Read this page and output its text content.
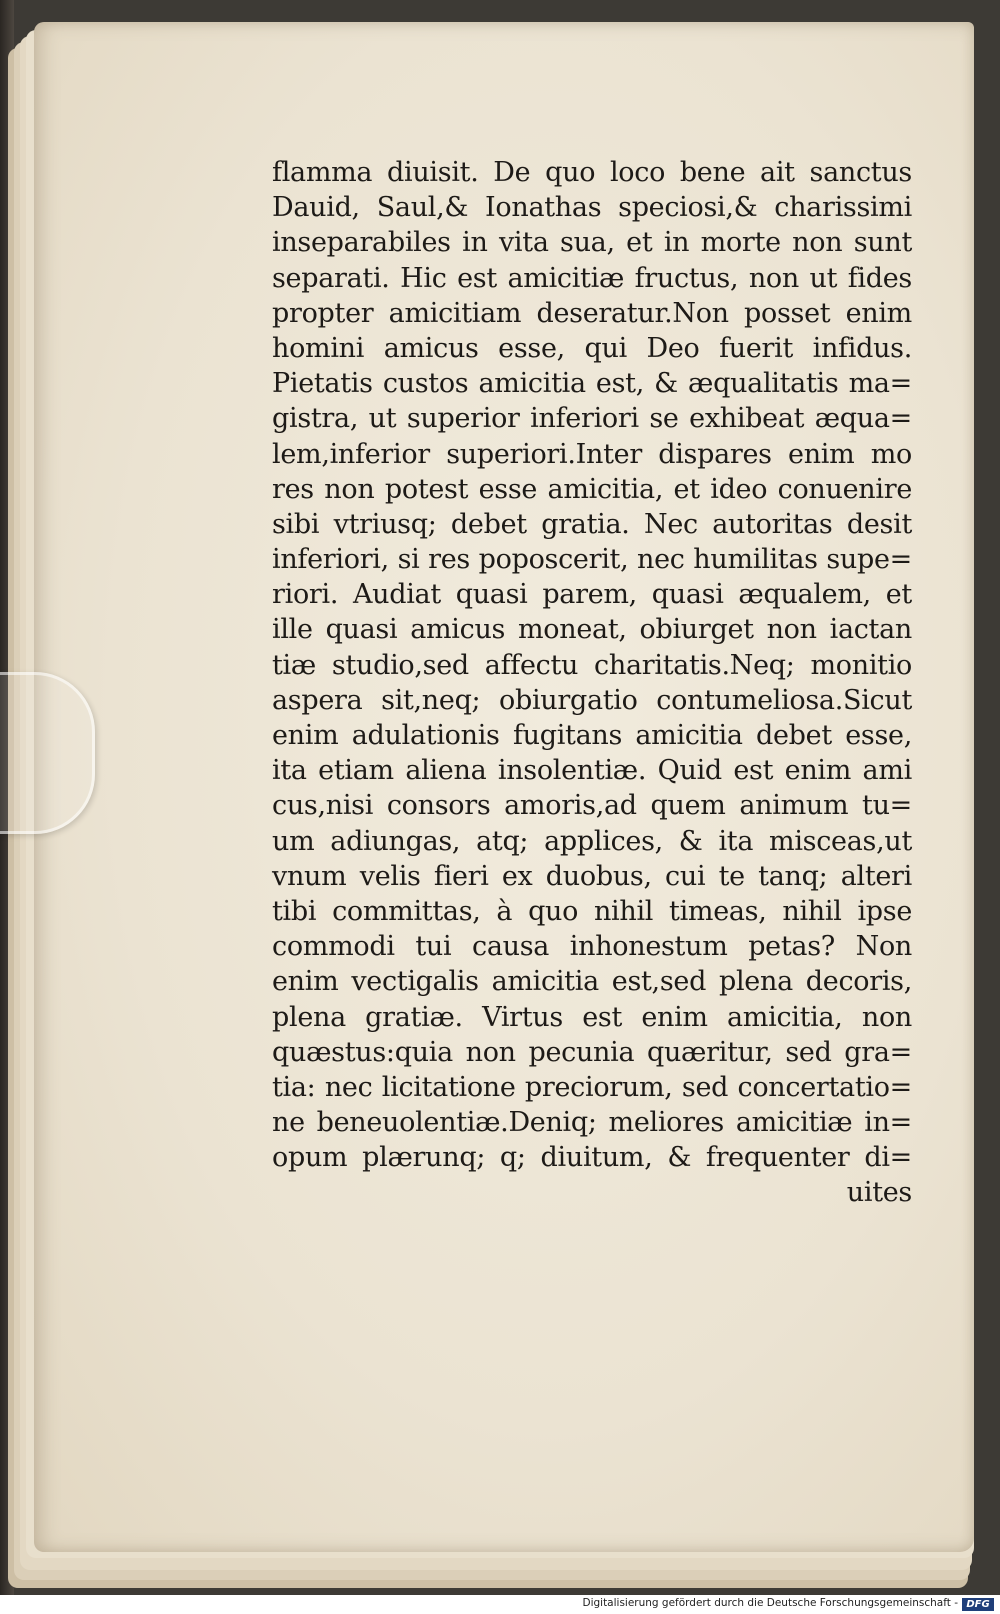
flamma diuisit. De quo loco bene ait sanctus
Dauid, Saul,& Ionathas speciosi,& charissimi
inseparabiles in vita sua, et in morte non sunt
separati. Hic est amicitiæ fructus, non ut fides
propter amicitiam deseratur.Non posset enim
homini amicus esse, qui Deo fuerit infidus.
Pietatis custos amicitia est, & æqualitatis ma=
gistra, ut superior inferiori se exhibeat æqua=
lem,inferior superiori.Inter dispares enim mo
res non potest esse amicitia, et ideo conuenire
sibi vtriusq; debet gratia. Nec autoritas desit
inferiori, si res poposcerit, nec humilitas supe=
riori. Audiat quasi parem, quasi æqualem, et
ille quasi amicus moneat, obiurget non iactan
tiæ studio,sed affectu charitatis.Neq; monitio
aspera sit,neq; obiurgatio contumeliosa.Sicut
enim adulationis fugitans amicitia debet esse,
ita etiam aliena insolentiæ. Quid est enim ami
cus,nisi consors amoris,ad quem animum tu=
um adiungas, atq; applices, & ita misceas,ut
vnum velis fieri ex duobus, cui te tanq; alteri
tibi committas, à quo nihil timeas, nihil ipse
commodi tui causa inhonestum petas? Non
enim vectigalis amicitia est,sed plena decoris,
plena gratiæ. Virtus est enim amicitia, non
quæstus:quia non pecunia quæritur, sed gra=
tia: nec licitatione preciorum, sed concertatio=
ne beneuolentiæ.Deniq; meliores amicitiæ in=
opum plærunq; q; diuitum, & frequenter di=
uites
Digitalisierung gefördert durch die Deutsche Forschungsgemeinschaft - DFG
